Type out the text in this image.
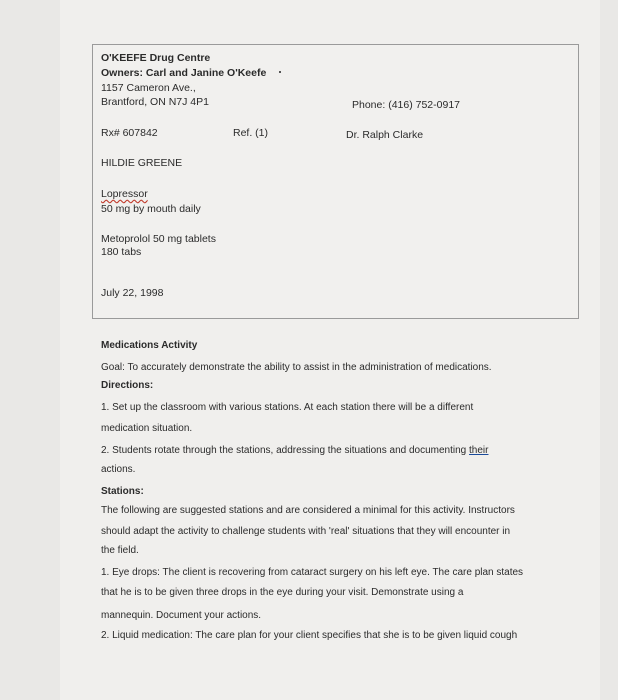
O'KEEFE Drug Centre
Owners: Carl and Janine O'Keefe
1157 Cameron Ave.,
Brantford, ON N7J 4P1	Phone: (416) 752-0917
Rx# 607842	Ref. (1)	Dr. Ralph Clarke
HILDIE GREENE
Lopressor
50 mg by mouth daily
Metoprolol 50 mg tablets
180 tabs
July 22, 1998
Medications Activity
Goal: To accurately demonstrate the ability to assist in the administration of medications.
Directions:
1. Set up the classroom with various stations. At each station there will be a different
medication situation.
2. Students rotate through the stations, addressing the situations and documenting their
actions.
Stations:
The following are suggested stations and are considered a minimal for this activity. Instructors
should adapt the activity to challenge students with 'real' situations that they will encounter in
the field.
1. Eye drops: The client is recovering from cataract surgery on his left eye. The care plan states
that he is to be given three drops in the eye during your visit. Demonstrate using a
mannequin. Document your actions.
2. Liquid medication: The care plan for your client specifies that she is to be given liquid cough
